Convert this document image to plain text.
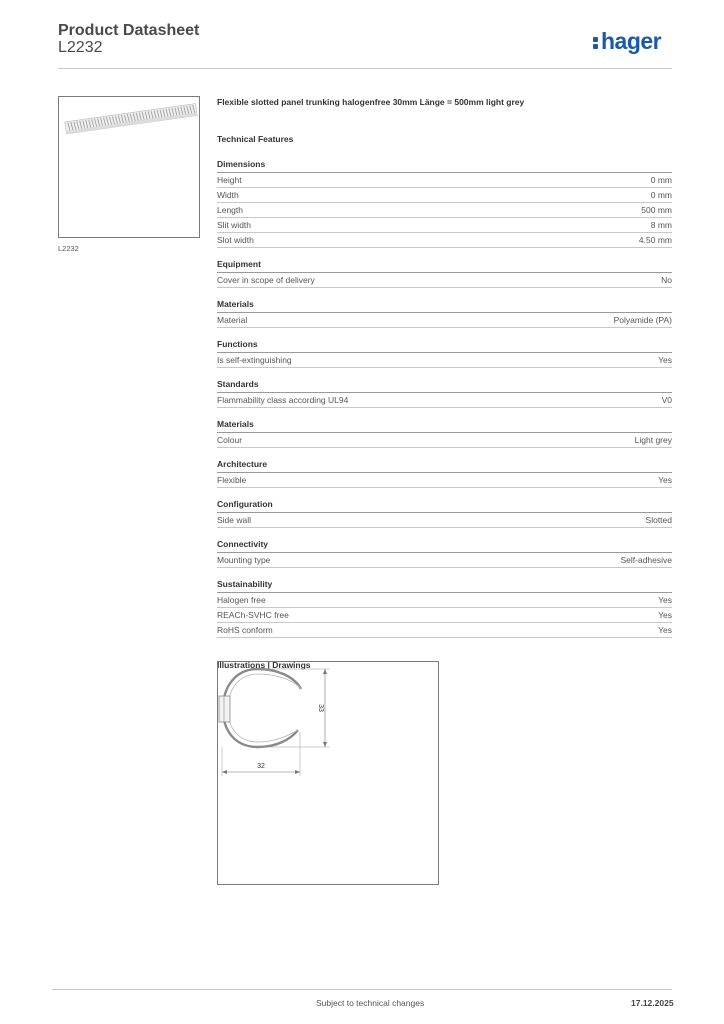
Product Datasheet
L2232	hager
L2232
Flexible slotted panel trunking halogenfree 30mm Länge = 500mm light grey
Technical Features
Dimensions
Height	0 mm
Width	0 mm
Length	500 mm
Slit width	8 mm
Slot width	4.50 mm
Equipment
Cover in scope of delivery	No
Materials
Material	Polyamide (PA)
Functions
Is self-extinguishing	Yes
Standards
Flammability class according UL94	V0
Materials
Colour	Light grey
Architecture
Flexible	Yes
Configuration
Side wall	Slotted
Connectivity
Mounting type	Self-adhesive
Sustainability
Halogen free	Yes
REACh-SVHC free	Yes
RoHS conform	Yes
Illustrations | Drawings
33
32
Subject to technical changes	17.12.2025
